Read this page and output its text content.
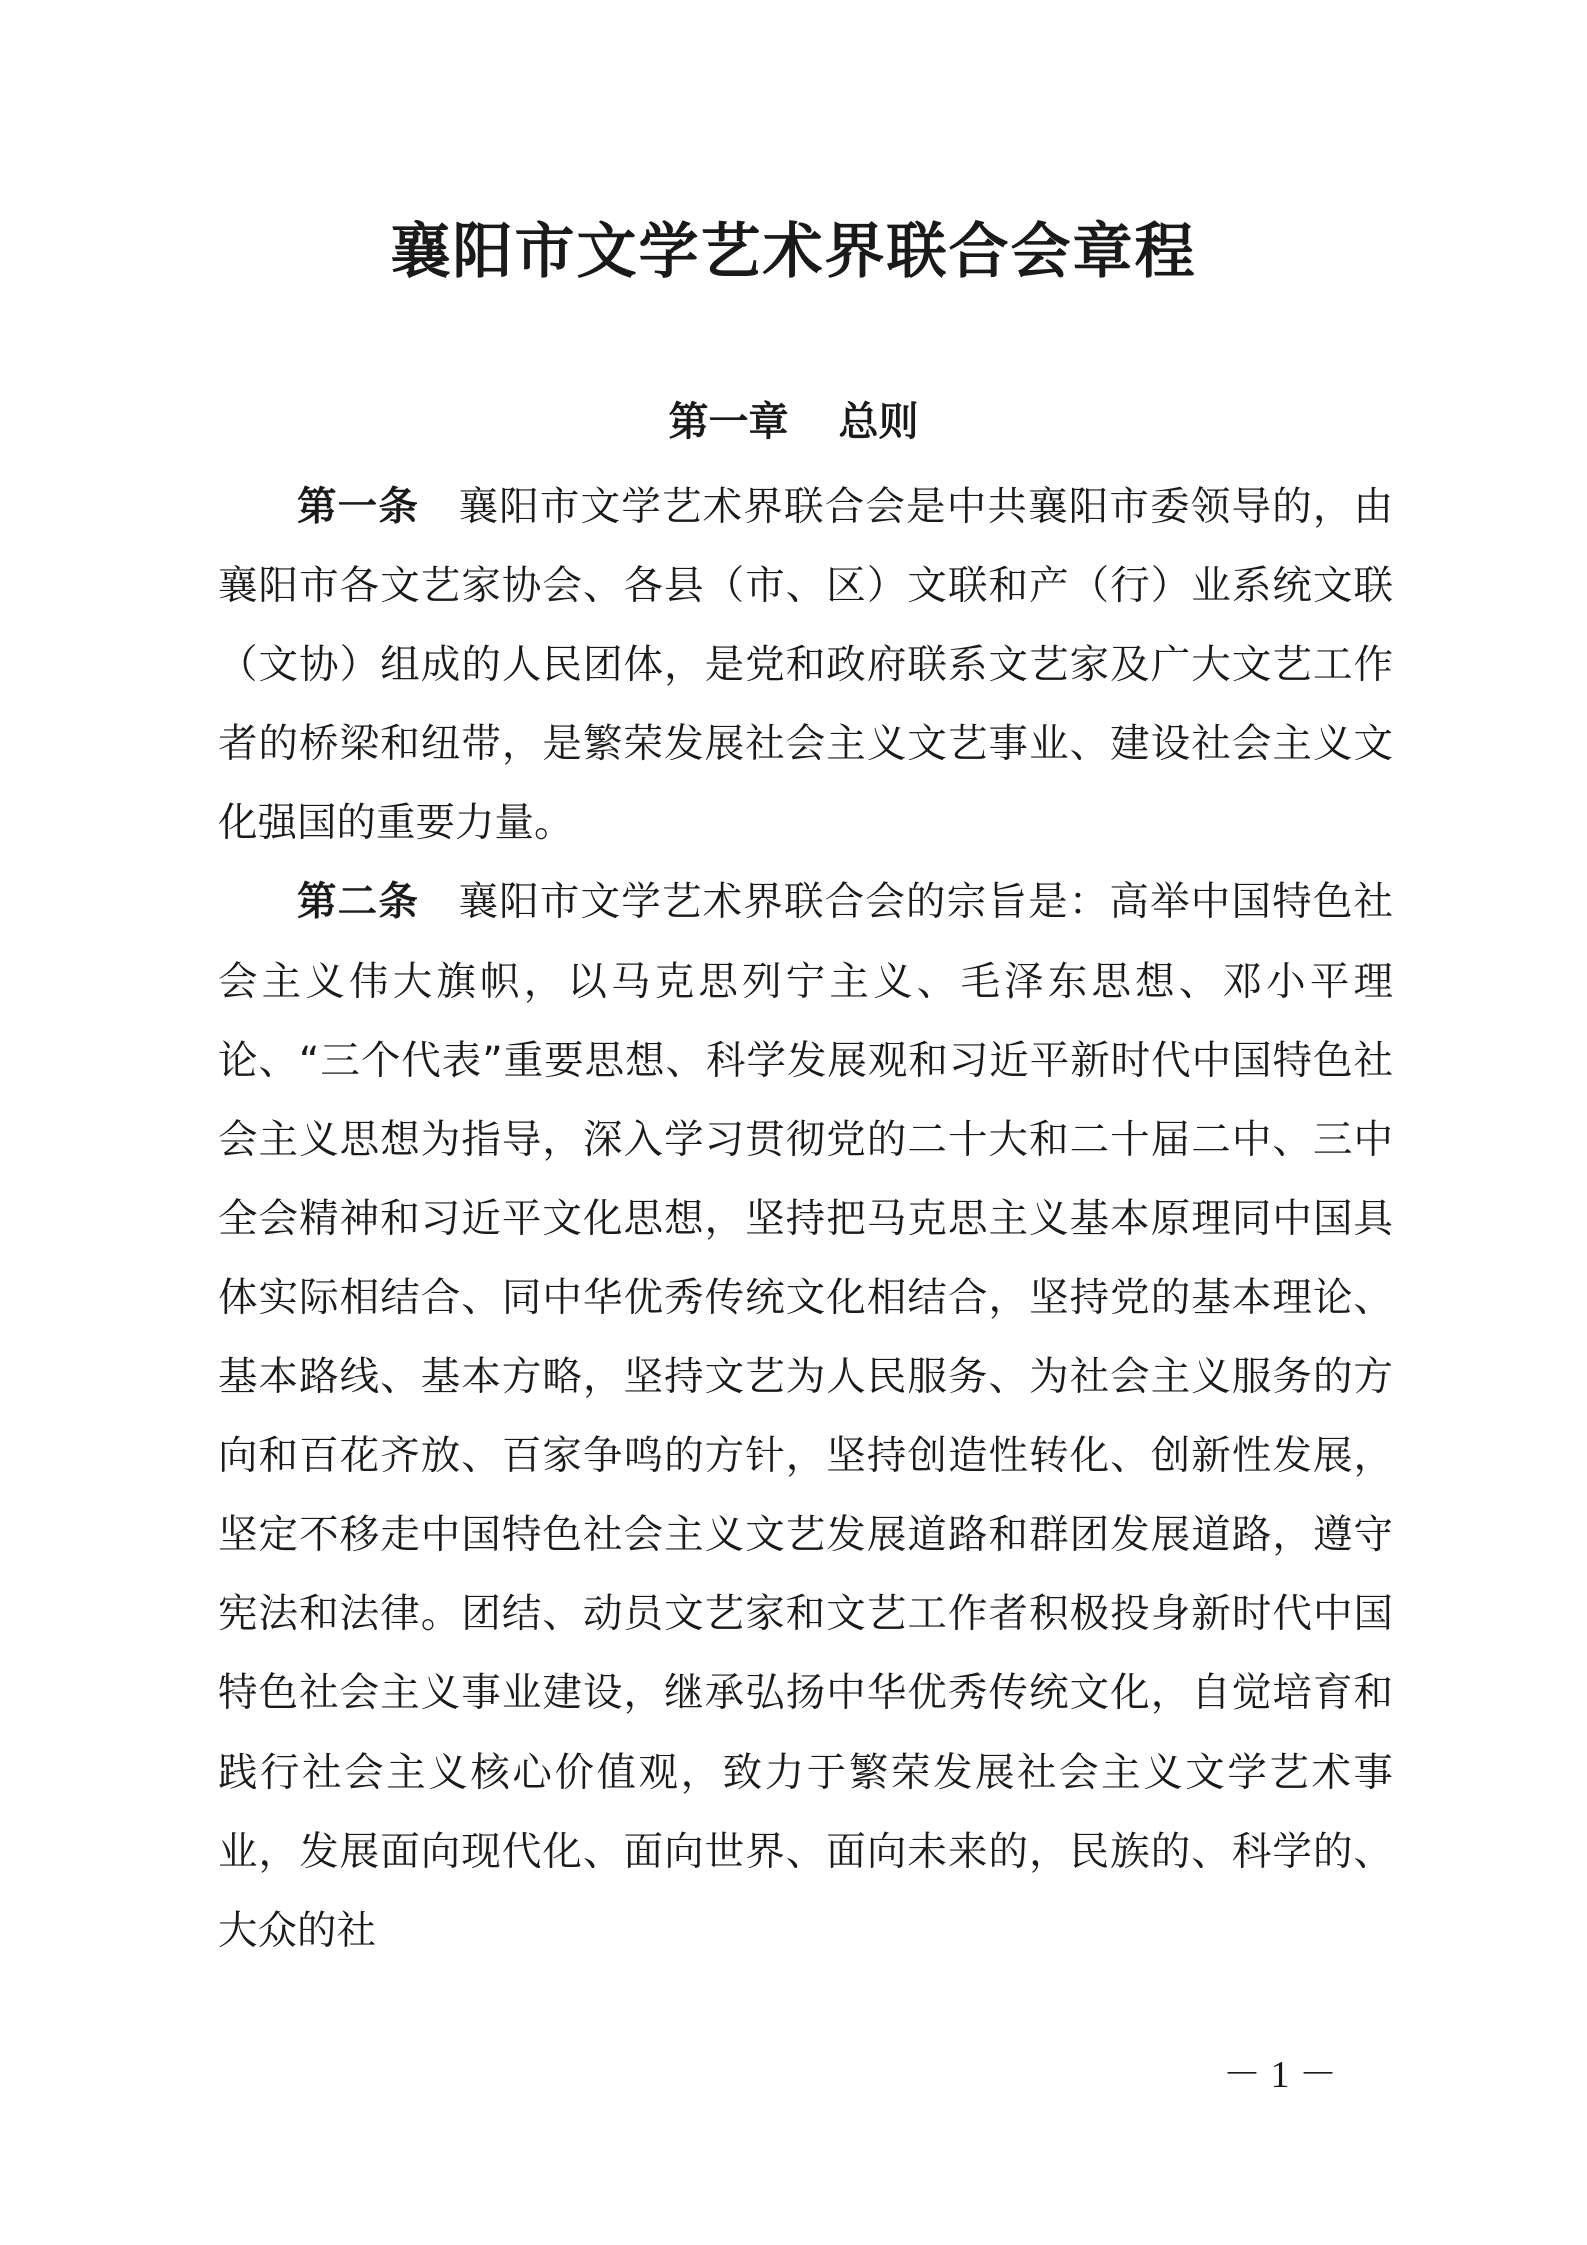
襄阳市文学艺术界联合会章程
第一章 总则

第一条 襄阳市文学艺术界联合会是中共襄阳市委领导的，由襄阳市各文艺家协会、各县（市、区）文联和产（行）业系统文联（文协）组成的人民团体，是党和政府联系文艺家及广大文艺工作者的桥梁和纽带，是繁荣发展社会主义文艺事业、建设社会主义文化强国的重要力量。

第二条 襄阳市文学艺术界联合会的宗旨是：高举中国特色社会主义伟大旗帜，以马克思列宁主义、毛泽东思想、邓小平理论、“三个代表”重要思想、科学发展观和习近平新时代中国特色社会主义思想为指导，深入学习贯彻党的二十大和二十届二中、三中全会精神和习近平文化思想，坚持把马克思主义基本原理同中国具体实际相结合、同中华优秀传统文化相结合，坚持党的基本理论、基本路线、基本方略，坚持文艺为人民服务、为社会主义服务的方向和百花齐放、百家争鸣的方针，坚持创造性转化、创新性发展，坚定不移走中国特色社会主义文艺发展道路和群团发展道路，遵守宪法和法律。团结、动员文艺家和文艺工作者积极投身新时代中国特色社会主义事业建设，继承弘扬中华优秀传统文化，自觉培育和践行社会主义核心价值观，致力于繁荣发展社会主义文学艺术事业，发展面向现代化、面向世界、面向未来的，民族的、科学的、大众的社

－ 1 －
